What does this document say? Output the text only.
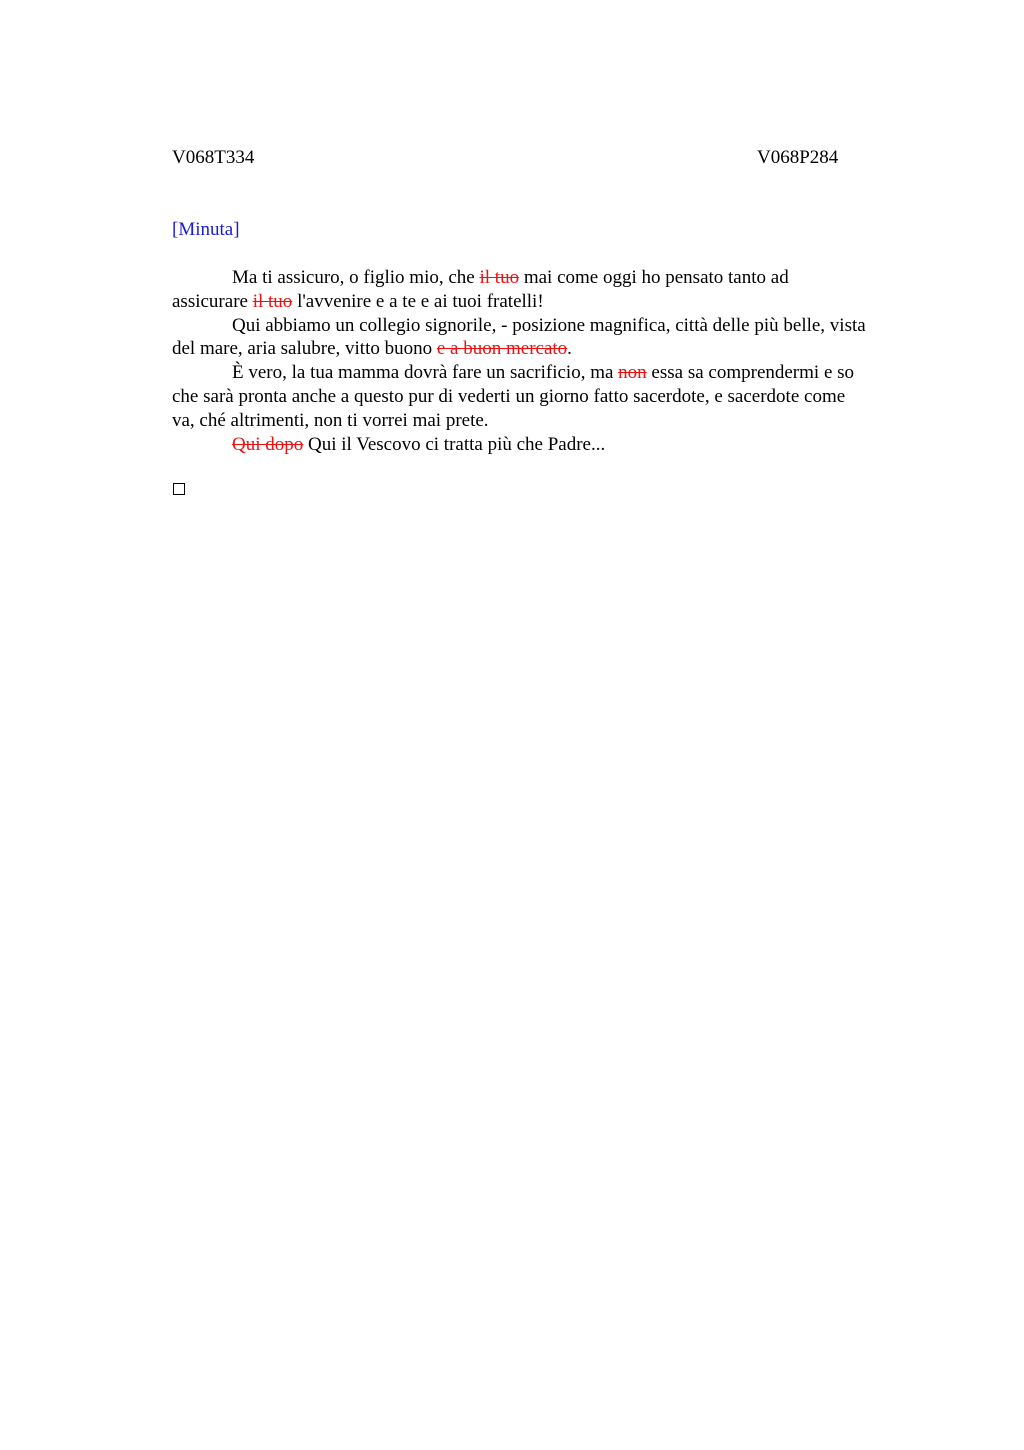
V068T334	V068P284
[Minuta]

Ma ti assicuro, o figlio mio, che il tuo mai come oggi ho pensato tanto ad
assicurare il tuo l'avvenire e a te e ai tuoi fratelli!

Qui abbiamo un collegio signorile, - posizione magnifica, città delle più belle, vista
del mare, aria salubre, vitto buono e a buon mercato.

È vero, la tua mamma dovrà fare un sacrificio, ma non essa sa comprendermi e so
che sarà pronta anche a questo pur di vederti un giorno fatto sacerdote, e sacerdote come
va, ché altrimenti, non ti vorrei mai prete.

Qui dopo Qui il Vescovo ci tratta più che Padre...
